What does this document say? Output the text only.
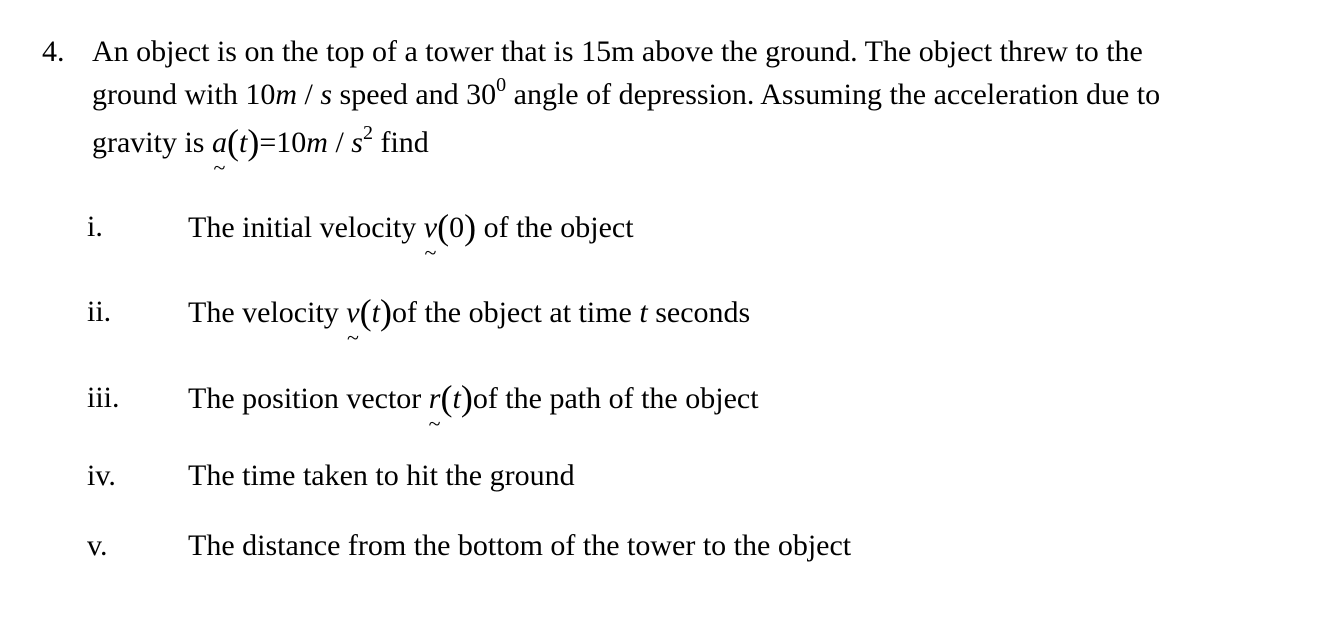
4. An object is on the top of a tower that is 15m above the ground. The object threw to the
ground with 10m / s speed and $30^0$ angle of depression. Assuming the acceleration due to
gravity is a
~
$(t)=10m / s^2$ find
i.	The initial velocity v
~
(0) of the object
ii.	The velocity v
~
(t)of the object at time t seconds
iii. The position vector r
~
(t)of the path of the object
iv. The time taken to hit the ground
v.	The distance from the bottom of the tower to the object
